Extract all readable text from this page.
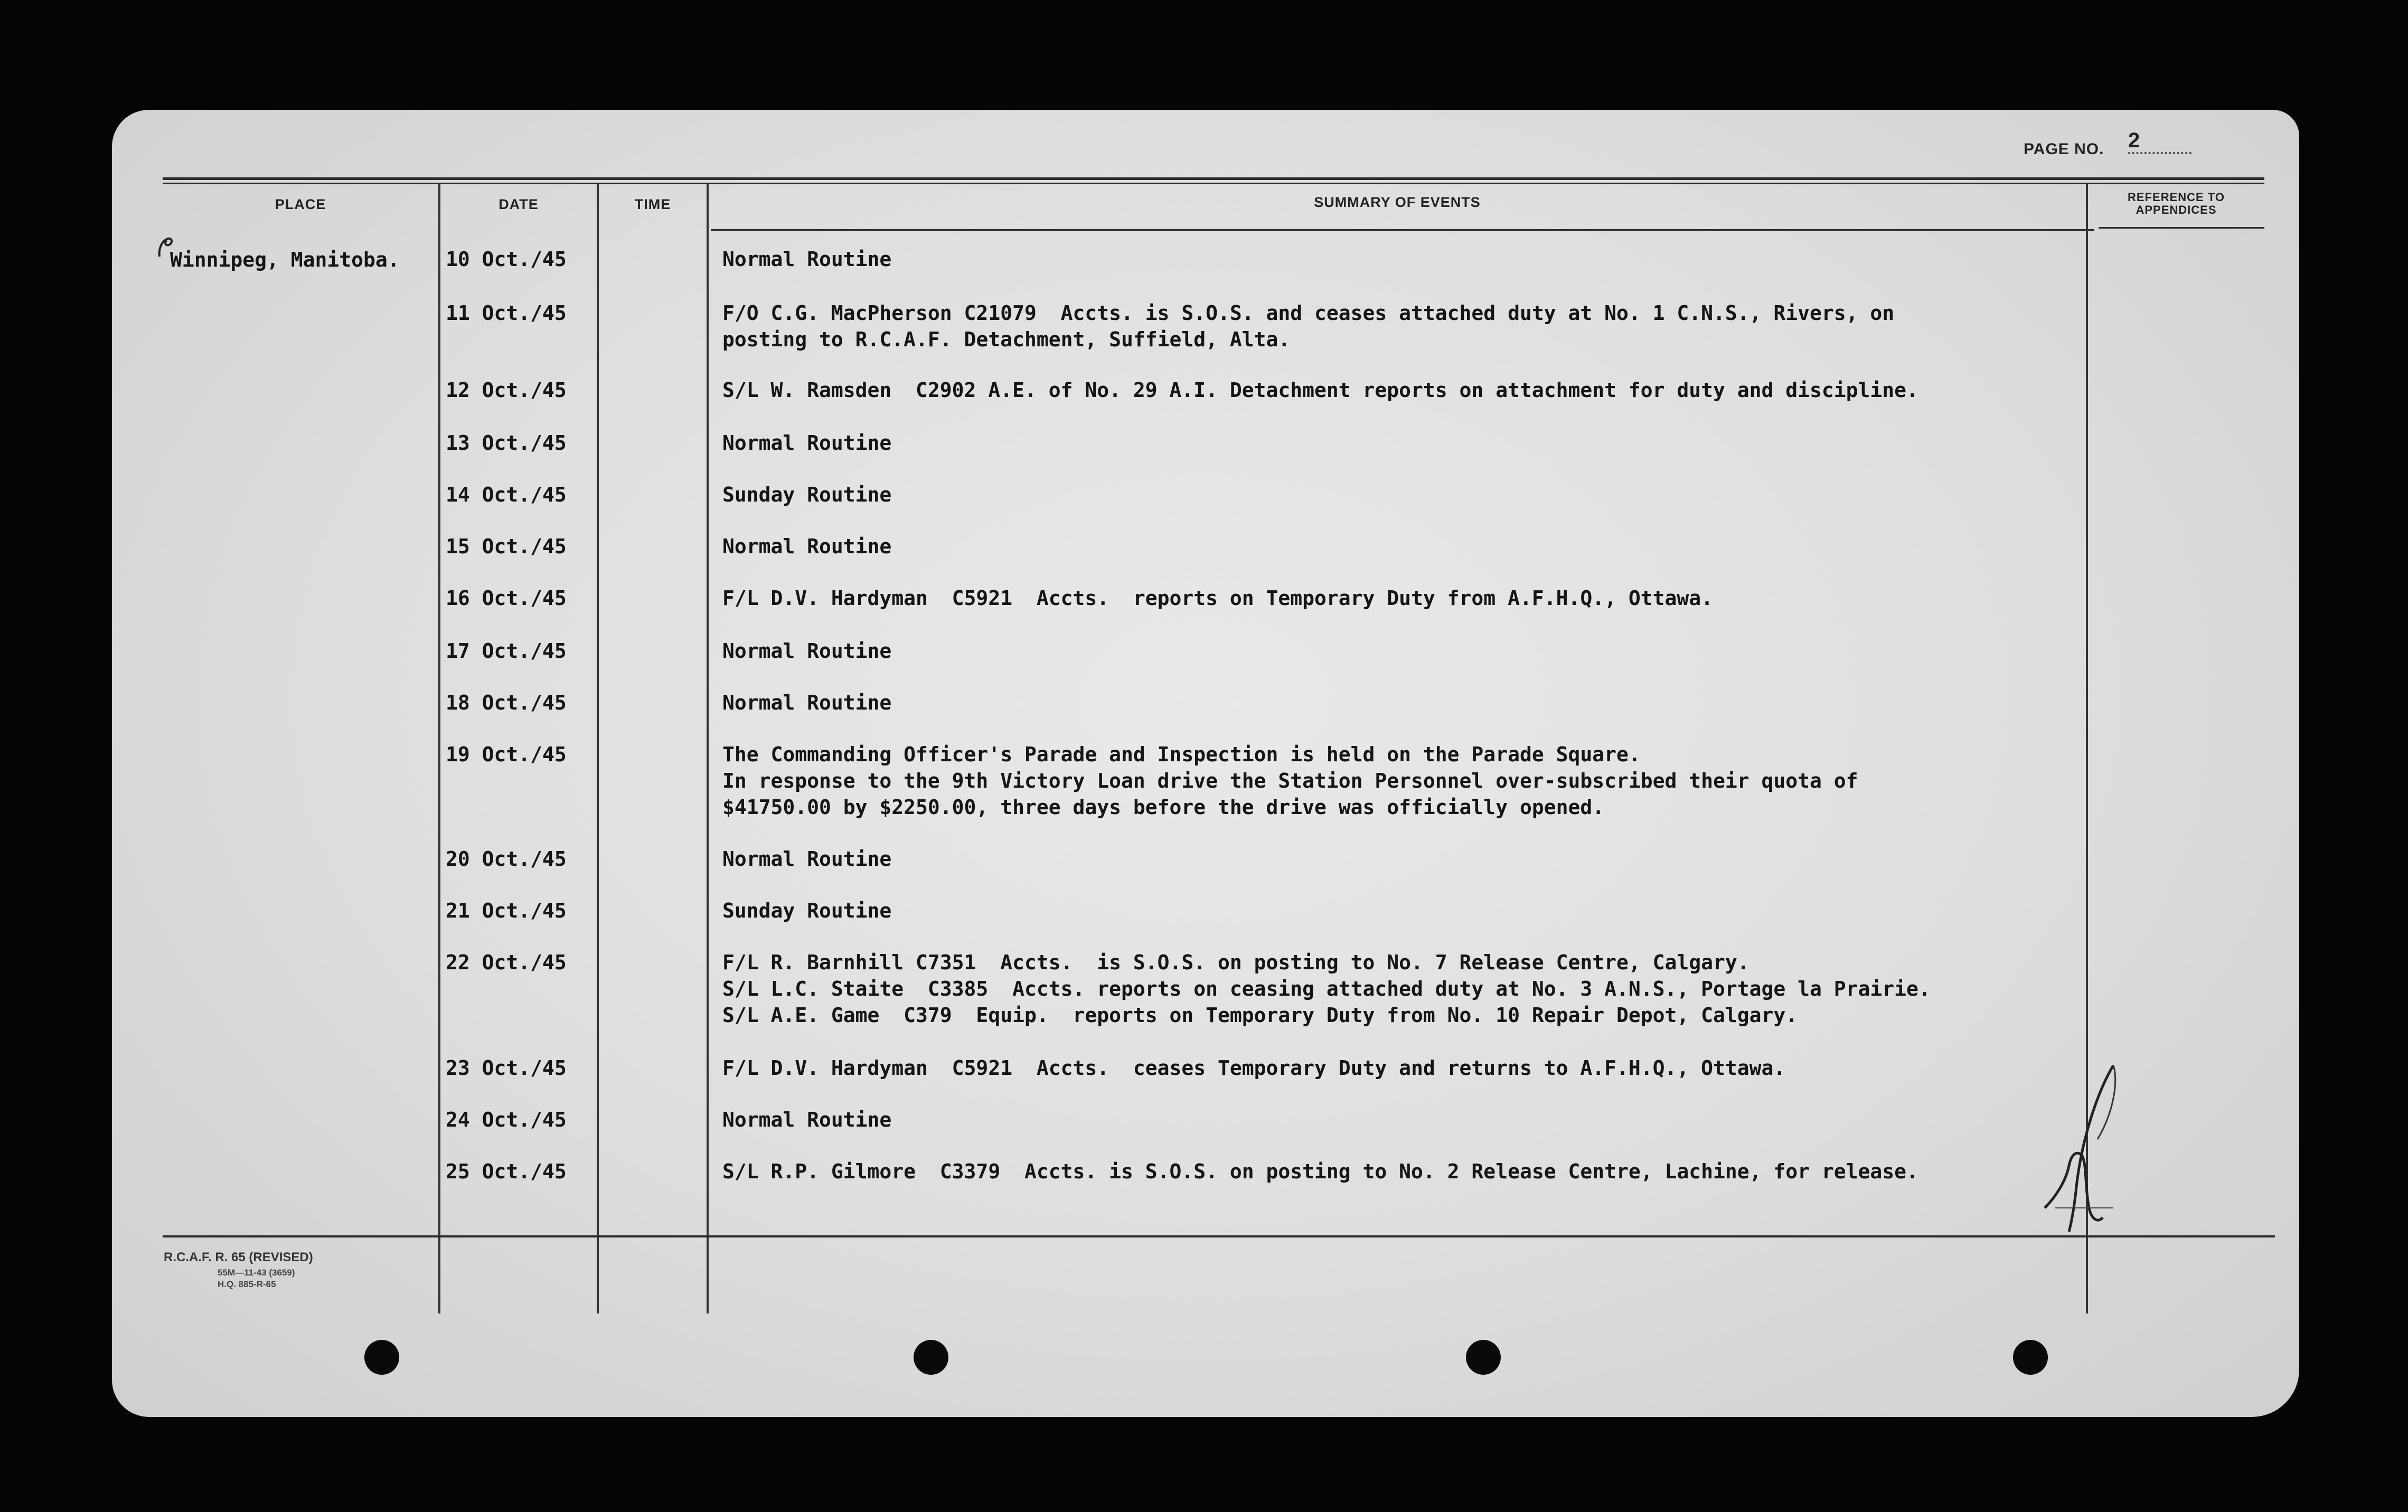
PAGE NO. 2
PLACE	DATE	TIME	SUMMARY OF EVENTS	REFERENCE TO
APPENDICES
Winnipeg, Manitoba. 10 Oct./45	Normal Routine
11 Oct./45	F/O C.G. MacPherson C21079  Accts. is S.O.S. and ceases attached duty at No. 1 C.N.S., Rivers, on
posting to R.C.A.F. Detachment, Suffield, Alta.
12 Oct./45	S/L W. Ramsden  C2902 A.E. of No. 29 A.I. Detachment reports on attachment for duty and discipline.
13 Oct./45	Normal Routine
14 Oct./45	Sunday Routine
15 Oct./45	Normal Routine
16 Oct./45	F/L D.V. Hardyman  C5921  Accts.  reports on Temporary Duty from A.F.H.Q., Ottawa.
17 Oct./45	Normal Routine
18 Oct./45	Normal Routine
19 Oct./45	The Commanding Officer's Parade and Inspection is held on the Parade Square.
In response to the 9th Victory Loan drive the Station Personnel over-subscribed their quota of
$41750.00 by $2250.00, three days before the drive was officially opened.
20 Oct./45	Normal Routine
21 Oct./45	Sunday Routine
22 Oct./45	F/L R. Barnhill C7351  Accts.  is S.O.S. on posting to No. 7 Release Centre, Calgary.
S/L L.C. Staite  C3385  Accts. reports on ceasing attached duty at No. 3 A.N.S., Portage la Prairie.
S/L A.E. Game  C379  Equip.  reports on Temporary Duty from No. 10 Repair Depot, Calgary.
23 Oct./45	F/L D.V. Hardyman  C5921  Accts.  ceases Temporary Duty and returns to A.F.H.Q., Ottawa.
24 Oct./45	Normal Routine
25 Oct./45	S/L R.P. Gilmore  C3379  Accts. is S.O.S. on posting to No. 2 Release Centre, Lachine, for release.
R.C.A.F. R. 65 (REVISED)
55M—11-43 (3659)
H.Q. 885-R-65
